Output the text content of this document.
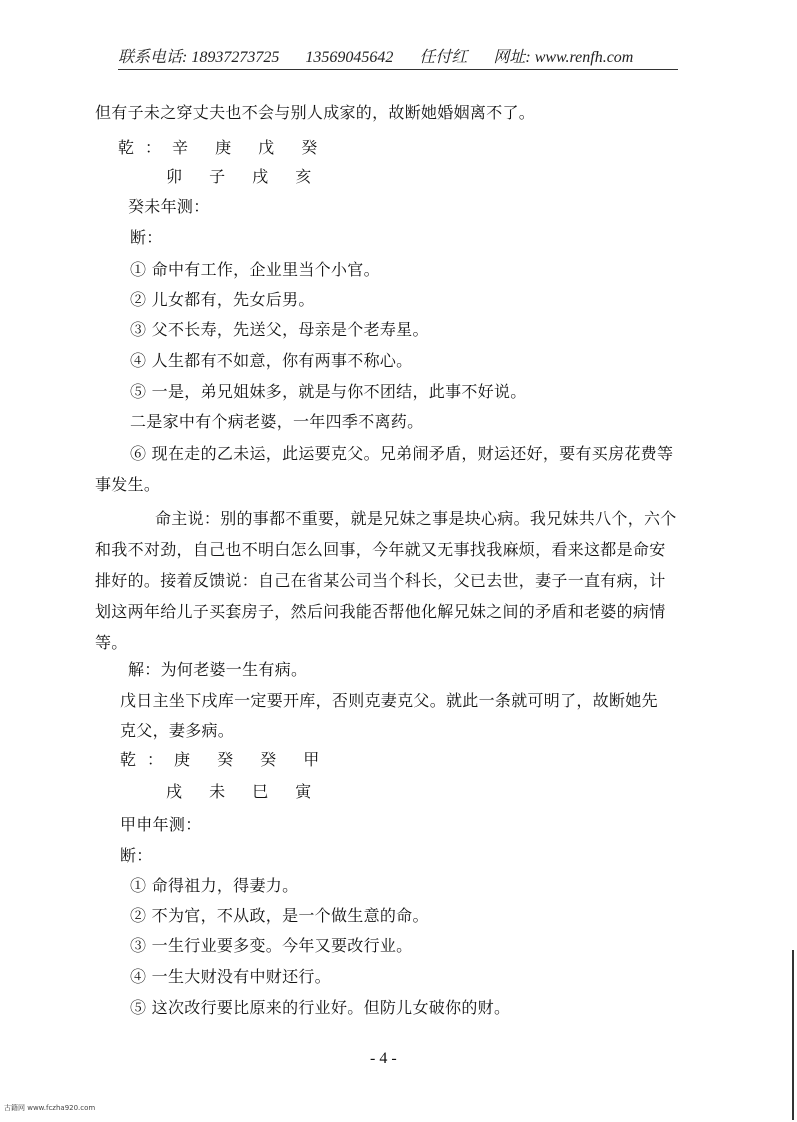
联系电话: 18937273725 13569045642 任付红 网址: www.renfh.com
但有子未之穿丈夫也不会与别人成家的，故断她婚姻离不了。
乾：辛 庚 戊 癸
卯 子 戌 亥
癸未年测：
断：
① 命中有工作，企业里当个小官。
② 儿女都有，先女后男。
③ 父不长寿，先送父，母亲是个老寿星。
④ 人生都有不如意，你有两事不称心。
⑤ 一是，弟兄姐妹多，就是与你不团结，此事不好说。
二是家中有个病老婆，一年四季不离药。
⑥ 现在走的乙未运，此运要克父。兄弟闹矛盾，财运还好，要有买房花费等
事发生。
命主说：别的事都不重要，就是兄妹之事是块心病。我兄妹共八个，六个
和我不对劲，自己也不明白怎么回事，今年就又无事找我麻烦，看来这都是命安
排好的。接着反馈说：自己在省某公司当个科长，父已去世，妻子一直有病，计
划这两年给儿子买套房子，然后问我能否帮他化解兄妹之间的矛盾和老婆的病情
等。
解：为何老婆一生有病。
戊日主坐下戌库一定要开库，否则克妻克父。就此一条就可明了，故断她先
克父，妻多病。
乾：庚 癸 癸 甲
戌 未 巳 寅
甲申年测：
断：
① 命得祖力，得妻力。
② 不为官，不从政，是一个做生意的命。
③ 一生行业要多变。今年又要改行业。
④ 一生大财没有中财还行。
⑤ 这次改行要比原来的行业好。但防儿女破你的财。
- 4 -
古籍网 www.fczha920.com
